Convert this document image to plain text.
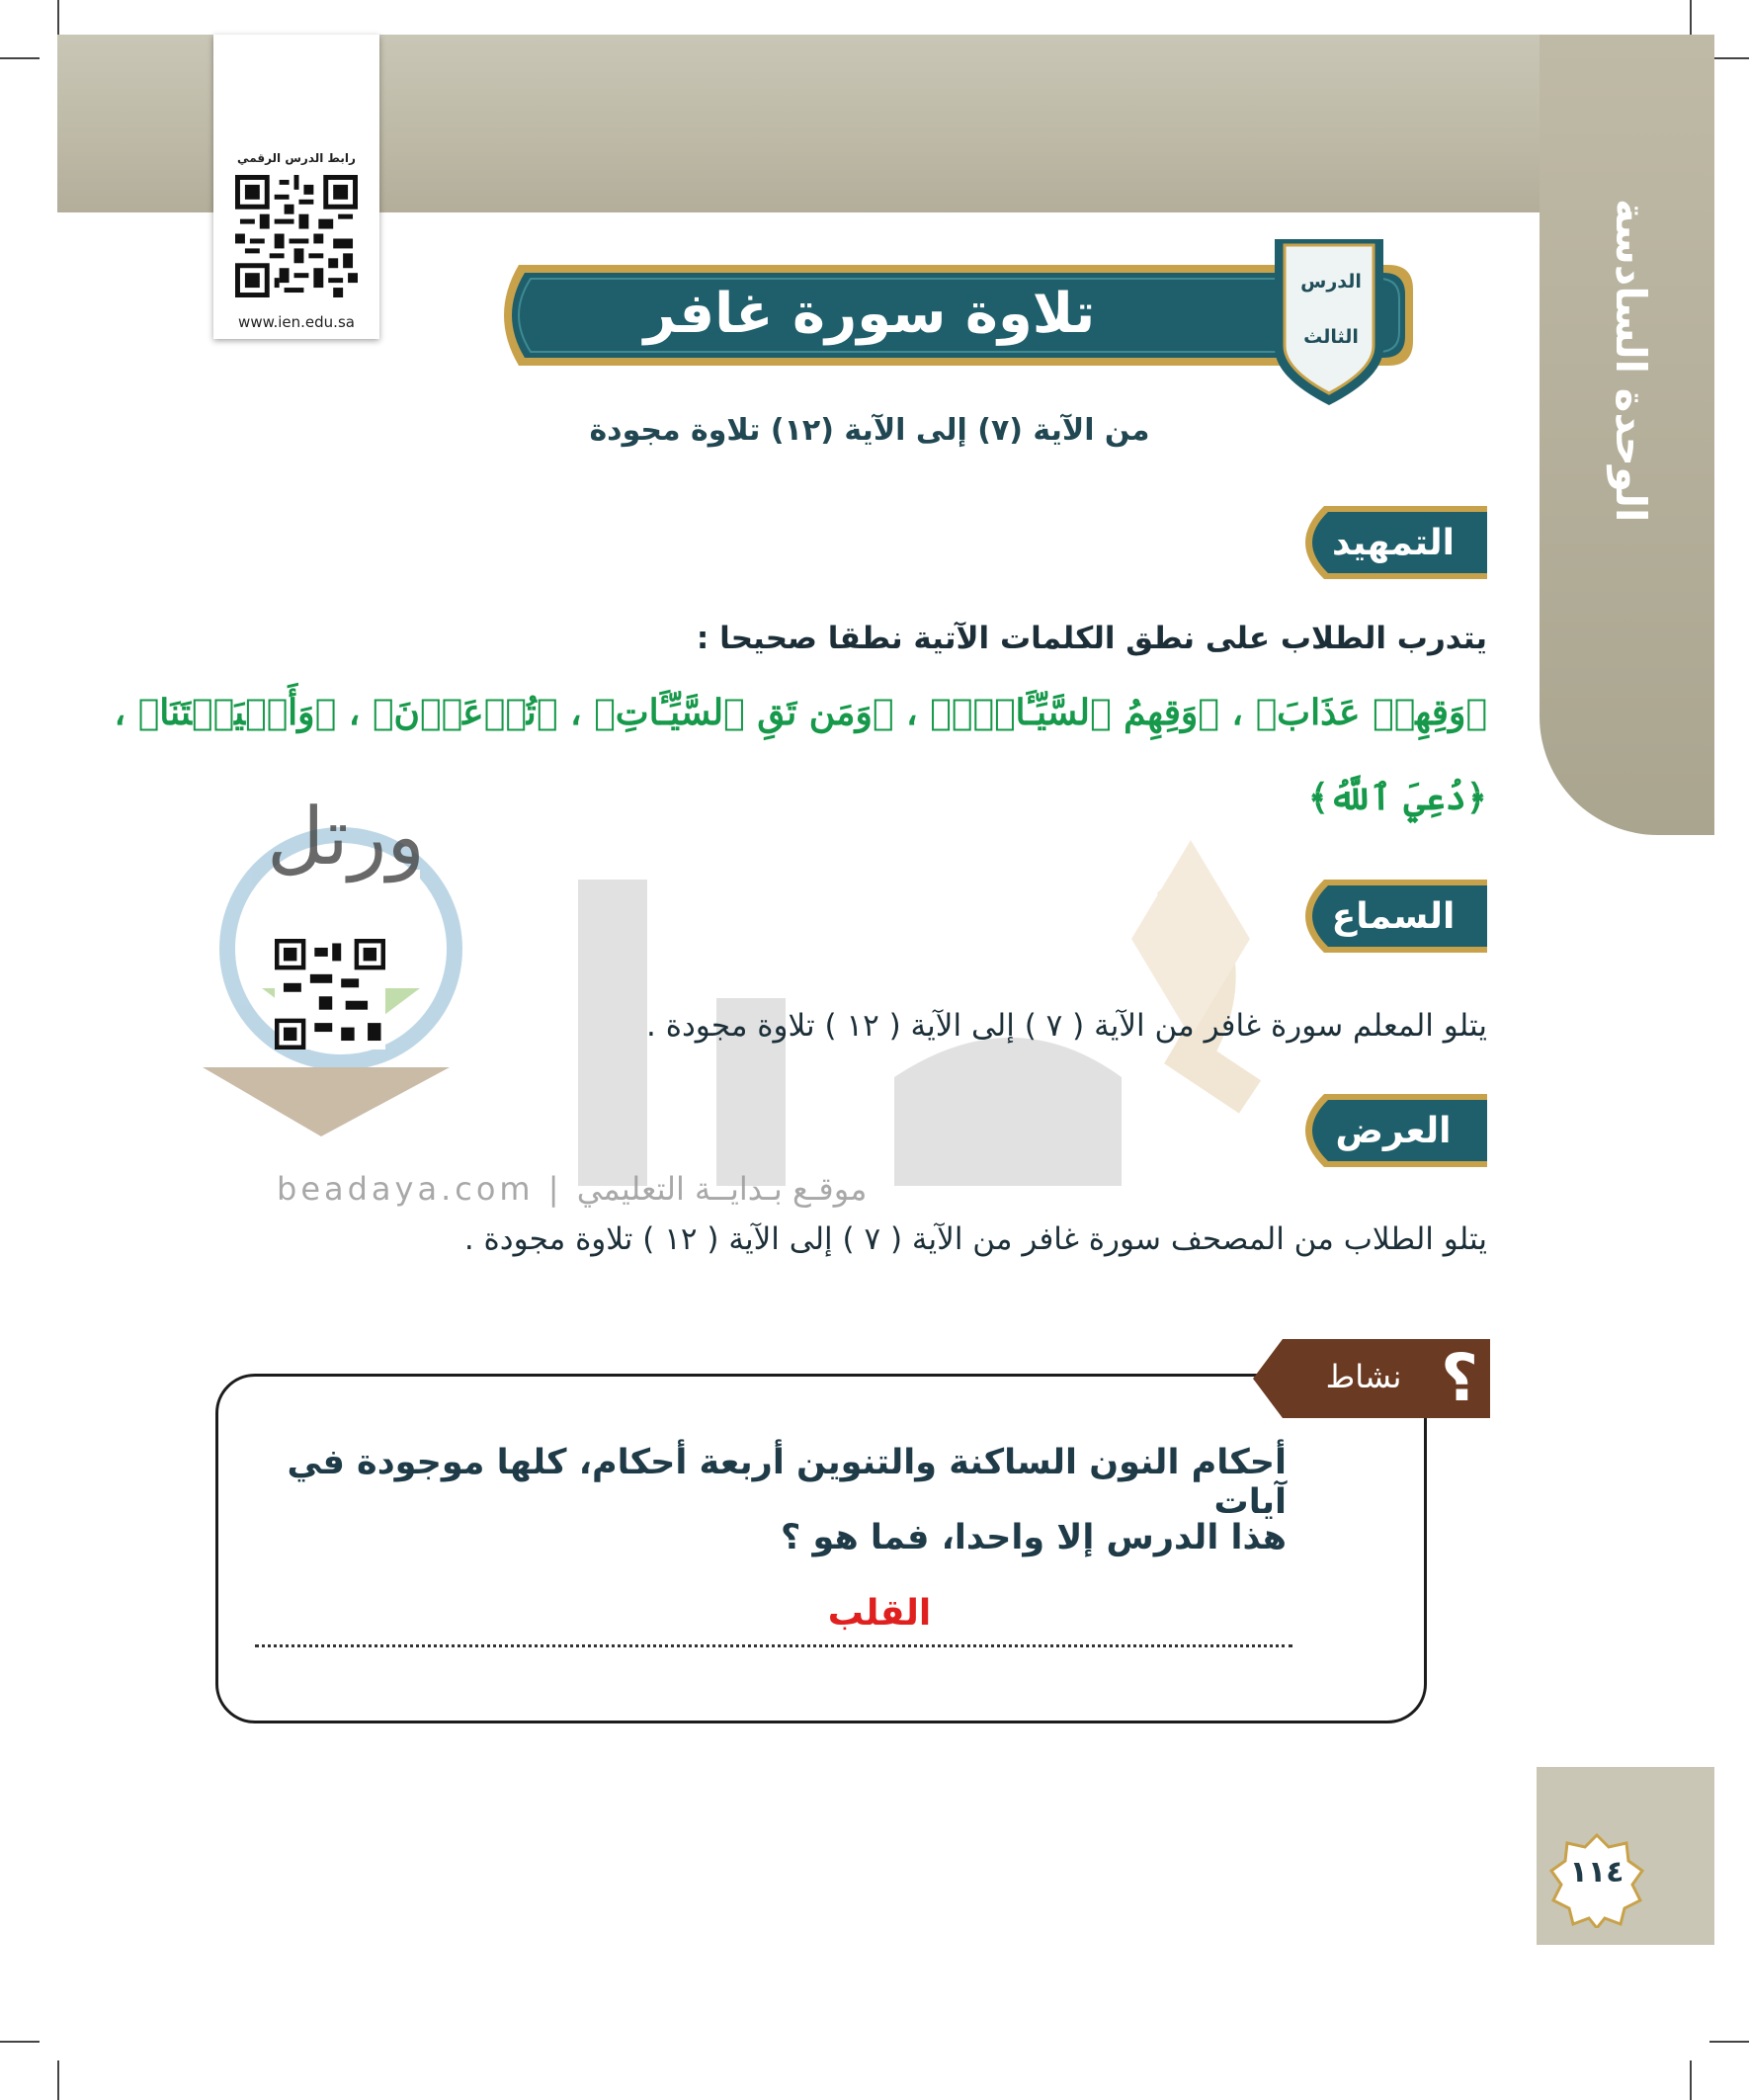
الوحدة السادسة
رابط الدرس الرقمي
www.ien.edu.sa	تلاوة سورة غافر	الدرس
الثالث
من الآية (٧) إلى الآية (١٢) تلاوة مجودة
ورتل
التمهيد
يتدرب الطلاب على نطق الكلمات الآتية نطقا صحيحا :
﴿وَقِهِمۡ عَذَابَ﴾ ، ﴿وَقِهِمُ ٱلسَّيِّـَٔاتِۚ﴾ ، ﴿وَمَن تَقِ ٱلسَّيِّـَٔاتِ﴾ ، ﴿تُدۡعَوۡنَ﴾ ، ﴿وَأَحۡيَيۡتَنَا﴾ ،
﴿دُعِيَ ٱللَّهُ﴾
السماع
يتلو المعلم سورة غافر من الآية ( ٧ ) إلى الآية ( ١٢ ) تلاوة مجودة .
العرض
beadaya.com | موقـع بـدايــة التعليمي
يتلو الطلاب من المصحف سورة غافر من الآية ( ٧ ) إلى الآية ( ١٢ ) تلاوة مجودة .
نشاط ؟
أحكام النون الساكنة والتنوين أربعة أحكام، كلها موجودة في آيات
هذا الدرس إلا واحدا، فما هو ؟
القلب
١١٤
